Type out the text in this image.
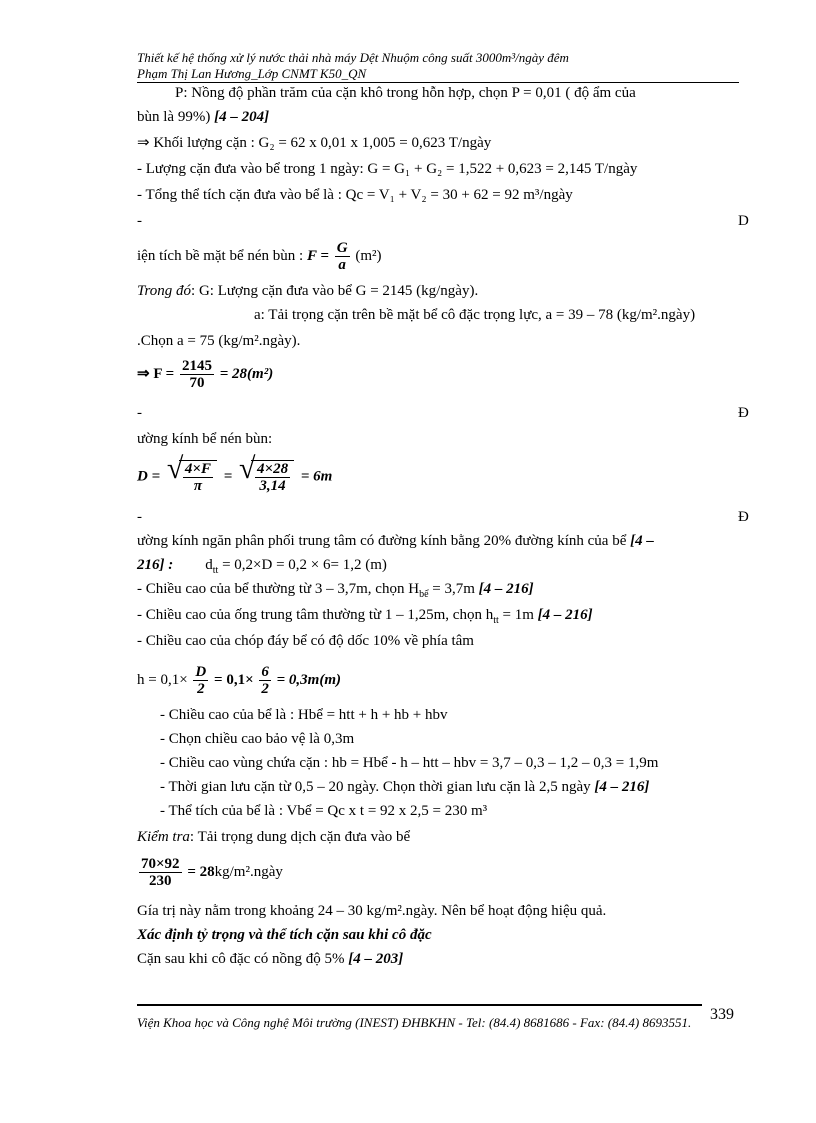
Thiết kế hệ thống xử lý nước thải nhà máy Dệt Nhuộm công suất 3000m³/ngày đêm
Phạm Thị Lan Hương_Lớp CNMT K50_QN
P: Nồng độ phần trăm của cặn khô trong hỗn hợp, chọn P = 0,01 ( độ ẩm của
bùn là 99%) [4 – 204]
⇒ Khối lượng cặn : G₂ = 62 x 0,01 x 1,005 = 0,623 T/ngày
- Lượng cặn đưa vào bể trong 1 ngày: G = G₁ + G₂ = 1,522 + 0,623 = 2,145 T/ngày
- Tổng thể tích cặn đưa vào bể là : Qc = V₁ + V₂ = 30 + 62 = 92 m³/ngày
-	D
iện tích bề mặt bể nén bùn : $F = \frac{G}{a} (m^2)$
Trong đó: G: Lượng cặn đưa vào bể G = 2145 (kg/ngày).
a: Tải trọng cặn trên bề mặt bể cô đặc trọng lực, a = 39 – 78 (kg/m².ngày)
.Chọn a = 75 (kg/m².ngày).
⇒ $F = \frac{2145}{70} = 28(m^2)$
-	Đ
ường kính bể nén bùn:
D = √ $\frac{4\times F}{\pi}$ = √ $\frac{4\times 28}{3,14} = 6m$
-	Đ
ường kính ngăn phân phối trung tâm có đường kính bằng 20% đường kính của bể [4 –
216] : $d_{tt} = 0,2\times D = 0,2 \times 6= 1,2$ (m)
- Chiều cao của bể thường từ 3 – 3,7m, chọn $H_{bể} = 3,7m$ [4 – 216]
- Chiều cao của ống trung tâm thường từ 1 – 1,25m, chọn $h_{tt} = 1m$ [4 – 216]
- Chiều cao của chóp đáy bể có độ dốc 10% về phía tâm
$h = 0,1\times \frac{D}{2} = 0,1\times \frac{6}{2} = 0,3m(m)$
- Chiều cao của bể là : Hbể = htt + h + hb + hbv
- Chọn chiều cao bảo vệ là 0,3m
- Chiều cao vùng chứa cặn : hb = Hbể - h – htt – hbv = 3,7 – 0,3 – 1,2 – 0,3 = 1,9m
- Thời gian lưu cặn từ 0,5 – 20 ngày. Chọn thời gian lưu cặn là 2,5 ngày [4 – 216]
- Thể tích của bể là : Vbể = Qc x t = 92 x 2,5 = 230 m³
Kiểm tra: Tải trọng dung dịch cặn đưa vào bể
$\frac{70\times 92}{230}$ = 28kg/m².ngày
Gía trị này nằm trong khoảng 24 – 30 kg/m².ngày. Nên bể hoạt động hiệu quả.
Xác định tỷ trọng và thể tích cặn sau khi cô đặc
Cặn sau khi cô đặc có nồng độ 5% [4 – 203]
Viện Khoa học và Công nghệ Môi trường (INEST) ĐHBKHN - Tel: (84.4) 8681686 - Fax: (84.4) 8693551.	339
